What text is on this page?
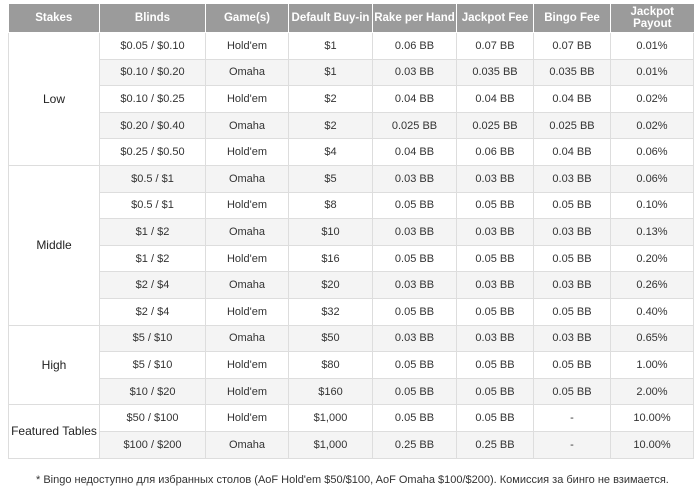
Stakes	Blinds	Game(s)	Default Buy-in	Rake per Hand	Jackpot Fee	Bingo Fee	Jackpot Payout
Low	$0.05 / $0.10	Hold'em	$1	0.06 BB	0.07 BB	0.07 BB	0.01%
	$0.10 / $0.20	Omaha	$1	0.03 BB	0.035 BB	0.035 BB	0.01%
	$0.10 / $0.25	Hold'em	$2	0.04 BB	0.04 BB	0.04 BB	0.02%
	$0.20 / $0.40	Omaha	$2	0.025 BB	0.025 BB	0.025 BB	0.02%
	$0.25 / $0.50	Hold'em	$4	0.04 BB	0.06 BB	0.04 BB	0.06%
Middle	$0.5 / $1	Omaha	$5	0.03 BB	0.03 BB	0.03 BB	0.06%
	$0.5 / $1	Hold'em	$8	0.05 BB	0.05 BB	0.05 BB	0.10%
	$1 / $2	Omaha	$10	0.03 BB	0.03 BB	0.03 BB	0.13%
	$1 / $2	Hold'em	$16	0.05 BB	0.05 BB	0.05 BB	0.20%
	$2 / $4	Omaha	$20	0.03 BB	0.03 BB	0.03 BB	0.26%
	$2 / $4	Hold'em	$32	0.05 BB	0.05 BB	0.05 BB	0.40%
High	$5 / $10	Omaha	$50	0.03 BB	0.03 BB	0.03 BB	0.65%
	$5 / $10	Hold'em	$80	0.05 BB	0.05 BB	0.05 BB	1.00%
	$10 / $20	Hold'em	$160	0.05 BB	0.05 BB	0.05 BB	2.00%
Featured Tables	$50 / $100	Hold'em	$1,000	0.05 BB	0.05 BB	-	10.00%
	$100 / $200	Omaha	$1,000	0.25 BB	0.25 BB	-	10.00%
* Bingo недоступно для избранных столов (AoF Hold'em $50/$100, AoF Omaha $100/$200). Комиссия за бинго не взимается.
